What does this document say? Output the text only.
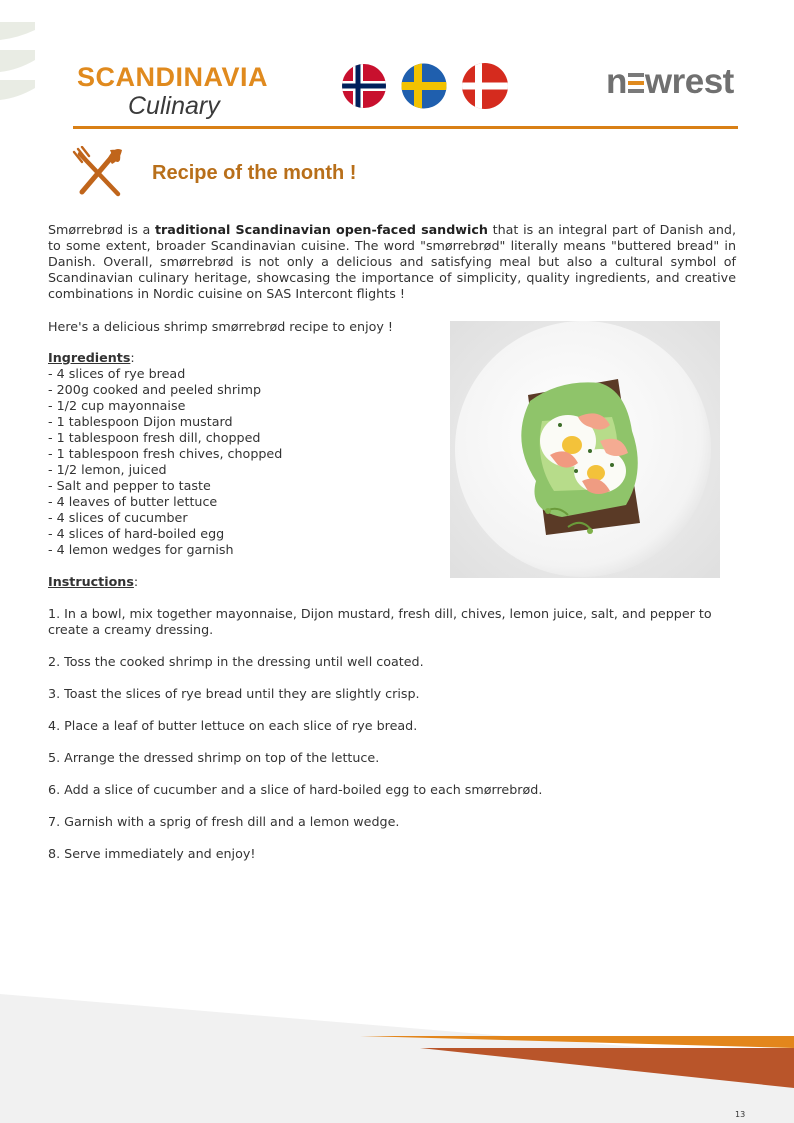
SCANDINAVIA
Culinary
n wrest
Recipe of the month !

Smørrebrød is a traditional Scandinavian open-faced sandwich that is an integral part of Danish and, to some extent, broader Scandinavian cuisine. The word "smørrebrød" literally means "buttered bread" in Danish. Overall, smørrebrød is not only a delicious and satisfying meal but also a cultural symbol of Scandinavian culinary heritage, showcasing the importance of simplicity, quality ingredients, and creative combinations in Nordic cuisine on SAS Intercont flights !

Here's a delicious shrimp smørrebrød recipe to enjoy !
Ingredients:
- 4 slices of rye bread
- 200g cooked and peeled shrimp
- 1/2 cup mayonnaise
- 1 tablespoon Dijon mustard
- 1 tablespoon fresh dill, chopped
- 1 tablespoon fresh chives, chopped
- 1/2 lemon, juiced
- Salt and pepper to taste
- 4 leaves of butter lettuce
- 4 slices of cucumber
- 4 slices of hard-boiled egg
- 4 lemon wedges for garnish
Instructions:
1. In a bowl, mix together mayonnaise, Dijon mustard, fresh dill, chives, lemon juice, salt, and pepper to create a creamy dressing.
2. Toss the cooked shrimp in the dressing until well coated.
3. Toast the slices of rye bread until they are slightly crisp.
4. Place a leaf of butter lettuce on each slice of rye bread.
5. Arrange the dressed shrimp on top of the lettuce.
6. Add a slice of cucumber and a slice of hard-boiled egg to each smørrebrød.
7. Garnish with a sprig of fresh dill and a lemon wedge.
8. Serve immediately and enjoy!
13
